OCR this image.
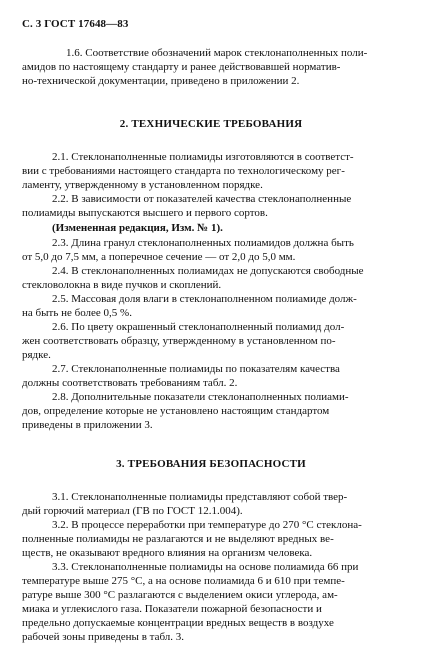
С. 3 ГОСТ 17648—83
1.6. Соответствие обозначений марок стеклонаполненных поли-
амидов по настоящему стандарту и ранее действовавшей норматив-
но-технической документации, приведено в приложении 2.
2. ТЕХНИЧЕСКИЕ ТРЕБОВАНИЯ
2.1. Стеклонаполненные полиамиды изготовляются в соответст-
вии с требованиями настоящего стандарта по технологическому рег-
ламенту, утвержденному в установленном порядке.
2.2. В зависимости от показателей качества стеклонаполненные
полиамиды выпускаются высшего и первого сортов.
(Измененная редакция, Изм. № 1).
2.3. Длина гранул стеклонаполненных полиамидов должна быть
от 5,0 до 7,5 мм, а поперечное сечение — от 2,0 до 5,0 мм.
2.4. В стеклонаполненных полиамидах не допускаются свободные
стекловолокна в виде пучков и скоплений.
2.5. Массовая доля влаги в стеклонаполненном полиамиде долж-
на быть не более 0,5 %.
2.6. По цвету окрашенный стеклонаполненный полиамид дол-
жен соответствовать образцу, утвержденному в установленном по-
рядке.
2.7. Стеклонаполненные полиамиды по показателям качества
должны соответствовать требованиям табл. 2.
2.8. Дополнительные показатели стеклонаполненных полиами-
дов, определение которые не установлено настоящим стандартом
приведены в приложении 3.
3. ТРЕБОВАНИЯ БЕЗОПАСНОСТИ
3.1. Стеклонаполненные полиамиды представляют собой твер-
дый горючий материал (ГВ по ГОСТ 12.1.004).
3.2. В процессе переработки при температуре до 270 °С стеклона-
полненные полиамиды не разлагаются и не выделяют вредных ве-
ществ, не оказывают вредного влияния на организм человека.
3.3. Стеклонаполненные полиамиды на основе полиамида 66 при
температуре выше 275 °С, а на основе полиамида 6 и 610 при темпе-
ратуре выше 300 °С разлагаются с выделением окиси углерода, ам-
миака и углекислого газа. Показатели пожарной безопасности и
предельно допускаемые концентрации вредных веществ в воздухе
рабочей зоны приведены в табл. 3.
